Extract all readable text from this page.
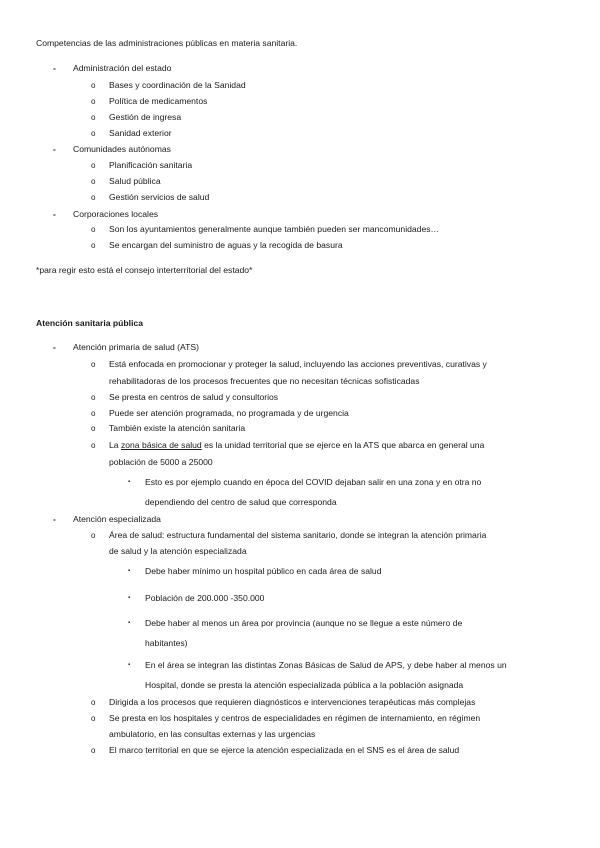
Competencias de las administraciones públicas en materia sanitaria.
- Administración del estado
o Bases y coordinación de la Sanidad
o Política de medicamentos
o Gestión de ingresa
o Sanidad exterior
- Comunidades autónomas
o Planificación sanitaria
o Salud pública
o Gestión servicios de salud
- Corporaciones locales
o Son los ayuntamientos generalmente aunque también pueden ser mancomunidades…
o Se encargan del suministro de aguas y la recogida de basura
*para regir esto está el consejo interterritorial del estado*
Atención sanitaria pública
- Atención primaria de salud (ATS)
o Está enfocada en promocionar y proteger la salud, incluyendo las acciones preventivas, curativas y
rehabilitadoras de los procesos frecuentes que no necesitan técnicas sofisticadas
o Se presta en centros de salud y consultorios
o Puede ser atención programada, no programada y de urgencia
o También existe la atención sanitaria
o La zona básica de salud es la unidad territorial que se ejerce en la ATS que abarca en general una
población de 5000 a 25000
▪ Esto es por ejemplo cuando en época del COVID dejaban salir en una zona y en otra no
dependiendo del centro de salud que corresponda
- Atención especializada
o Área de salud: estructura fundamental del sistema sanitario, donde se integran la atención primaria
de salud y la atención especializada
▪ Debe haber mínimo un hospital público en cada área de salud
▪ Población de 200.000 -350.000
▪ Debe haber al menos un área por provincia (aunque no se llegue a este número de
habitantes)
▪ En el área se integran las distintas Zonas Básicas de Salud de APS, y debe haber al menos un
Hospital, donde se presta la atención especializada pública a la población asignada
o Dirigida a los procesos que requieren diagnósticos e intervenciones terapéuticas más complejas
o Se presta en los hospitales y centros de especialidades en régimen de internamiento, en régimen
ambulatorio, en las consultas externas y las urgencias
o El marco territorial en que se ejerce la atención especializada en el SNS es el área de salud
